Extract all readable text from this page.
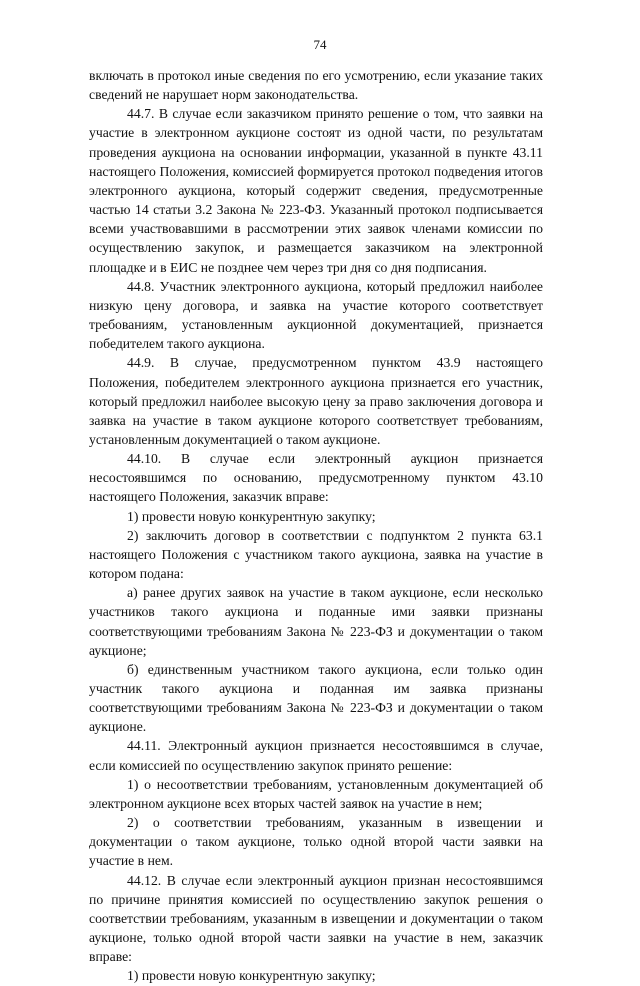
74

включать в протокол иные сведения по его усмотрению, если указание таких сведений не нарушает норм законодательства.

44.7. В случае если заказчиком принято решение о том, что заявки на участие в электронном аукционе состоят из одной части, по результатам проведения аукциона на основании информации, указанной в пункте 43.11 настоящего Положения, комиссией формируется протокол подведения итогов электронного аукциона, который содержит сведения, предусмотренные частью 14 статьи 3.2 Закона № 223-ФЗ. Указанный протокол подписывается всеми участвовавшими в рассмотрении этих заявок членами комиссии по осуществлению закупок, и размещается заказчиком на электронной площадке и в ЕИС не позднее чем через три дня со дня подписания.

44.8. Участник электронного аукциона, который предложил наиболее низкую цену договора, и заявка на участие которого соответствует требованиям, установленным аукционной документацией, признается победителем такого аукциона.

44.9. В случае, предусмотренном пунктом 43.9 настоящего Положения, победителем электронного аукциона признается его участник, который предложил наиболее высокую цену за право заключения договора и заявка на участие в таком аукционе которого соответствует требованиям, установленным документацией о таком аукционе.

44.10. В случае если электронный аукцион признается несостоявшимся по основанию, предусмотренному пунктом 43.10 настоящего Положения, заказчик вправе:

1) провести новую конкурентную закупку;

2) заключить договор в соответствии с подпунктом 2 пункта 63.1 настоящего Положения с участником такого аукциона, заявка на участие в котором подана:

а) ранее других заявок на участие в таком аукционе, если несколько участников такого аукциона и поданные ими заявки признаны соответствующими требованиям Закона № 223-ФЗ и документации о таком аукционе;

б) единственным участником такого аукциона, если только один участник такого аукциона и поданная им заявка признаны соответствующими требованиям Закона № 223-ФЗ и документации о таком аукционе.

44.11. Электронный аукцион признается несостоявшимся в случае, если комиссией по осуществлению закупок принято решение:

1) о несоответствии требованиям, установленным документацией об электронном аукционе всех вторых частей заявок на участие в нем;

2) о соответствии требованиям, указанным в извещении и документации о таком аукционе, только одной второй части заявки на участие в нем.

44.12. В случае если электронный аукцион признан несостоявшимся по причине принятия комиссией по осуществлению закупок решения о соответствии требованиям, указанным в извещении и документации о таком аукционе, только одной второй части заявки на участие в нем, заказчик вправе:

1) провести новую конкурентную закупку;
